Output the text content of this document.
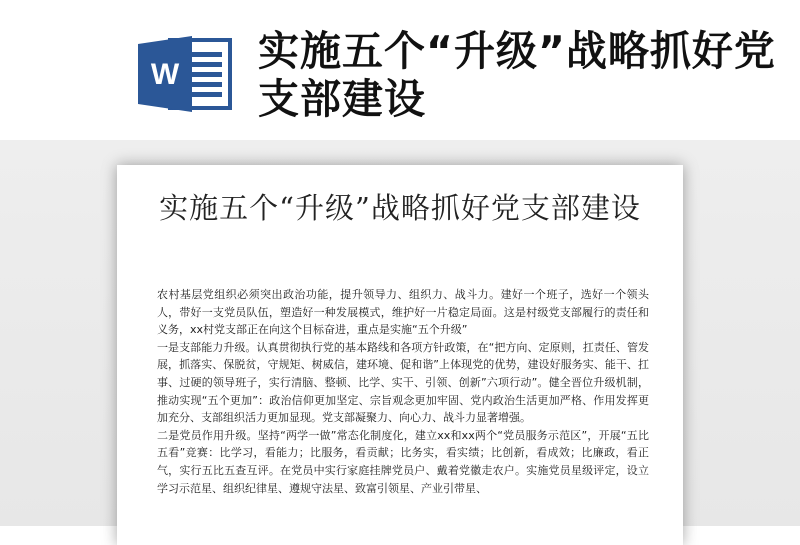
W 实施五个“升级”战略抓好党支部建设
实施五个“升级”战略抓好党支部建设

农村基层党组织必须突出政治功能，提升领导力、组织力、战斗力。建好一个班子，选好一个领头人，带好一支党员队伍，塑造好一种发展模式，维护好一片稳定局面。这是村级党支部履行的责任和义务，xx村党支部正在向这个目标奋进，重点是实施“五个升级”

一是支部能力升级。认真贯彻执行党的基本路线和各项方针政策，在“把方向、定原则，扛责任、管发展，抓落实、保脱贫，守规矩、树威信，建环境、促和谐”上体现党的优势，建设好服务实、能干、扛事、过硬的领导班子，实行清脑、整顿、比学、实干、引领、创新”六项行动”。健全晋位升级机制，推动实现“五个更加”：政治信仰更加坚定、宗旨观念更加牢固、党内政治生活更加严格、作用发挥更加充分、支部组织活力更加显现。党支部凝聚力、向心力、战斗力显著增强。

二是党员作用升级。坚持“两学一做”常态化制度化，建立xx和xx两个“党员服务示范区”，开展“五比五看”竞赛：比学习，看能力；比服务，看贡献；比务实，看实绩；比创新，看成效；比廉政，看正气，实行五比五查互评。在党员中实行家庭挂牌党员户、戴着党徽走农户。实施党员星级评定，设立学习示范星、组织纪律星、遵规守法星、致富引领星、产业引带星、
